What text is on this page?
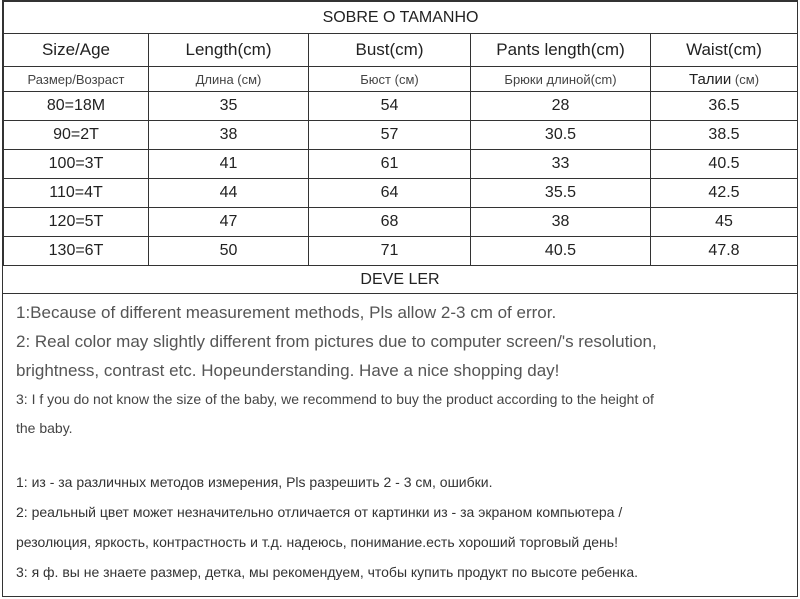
SOBRE O TAMANHO				
Size/Age	Length(cm)	Bust(cm)	Pants length(cm)	Waist(cm)
Размер/Возраст	Длина (см)	Бюст (см)	Брюки длиной(cm)	Талии (см)
80=18M	35	54	28	36.5
90=2T	38	57	30.5	38.5
100=3T	41	61	33	40.5
110=4T	44	64	35.5	42.5
120=5T	47	68	38	45
130=6T	50	71	40.5	47.8
DEVE LER
1:Because of different measurement methods, Pls allow 2-3 cm of error.
2: Real color may slightly different from pictures due to computer screen/'s resolution,
brightness, contrast etc. Hopeunderstanding. Have a nice shopping day!
3: I f you do not know the size of the baby, we recommend to buy the product according to the height of
the baby.
1: из - за различных методов измерения, Pls разрешить 2 - 3 см, ошибки.
2: реальный цвет может незначительно отличается от картинки из - за экраном компьютера /
резолюция, яркость, контрастность и т.д. надеюсь, понимание.есть хороший торговый день!
3: я ф. вы не знаете размер, детка, мы рекомендуем, чтобы купить продукт по высоте ребенка.
